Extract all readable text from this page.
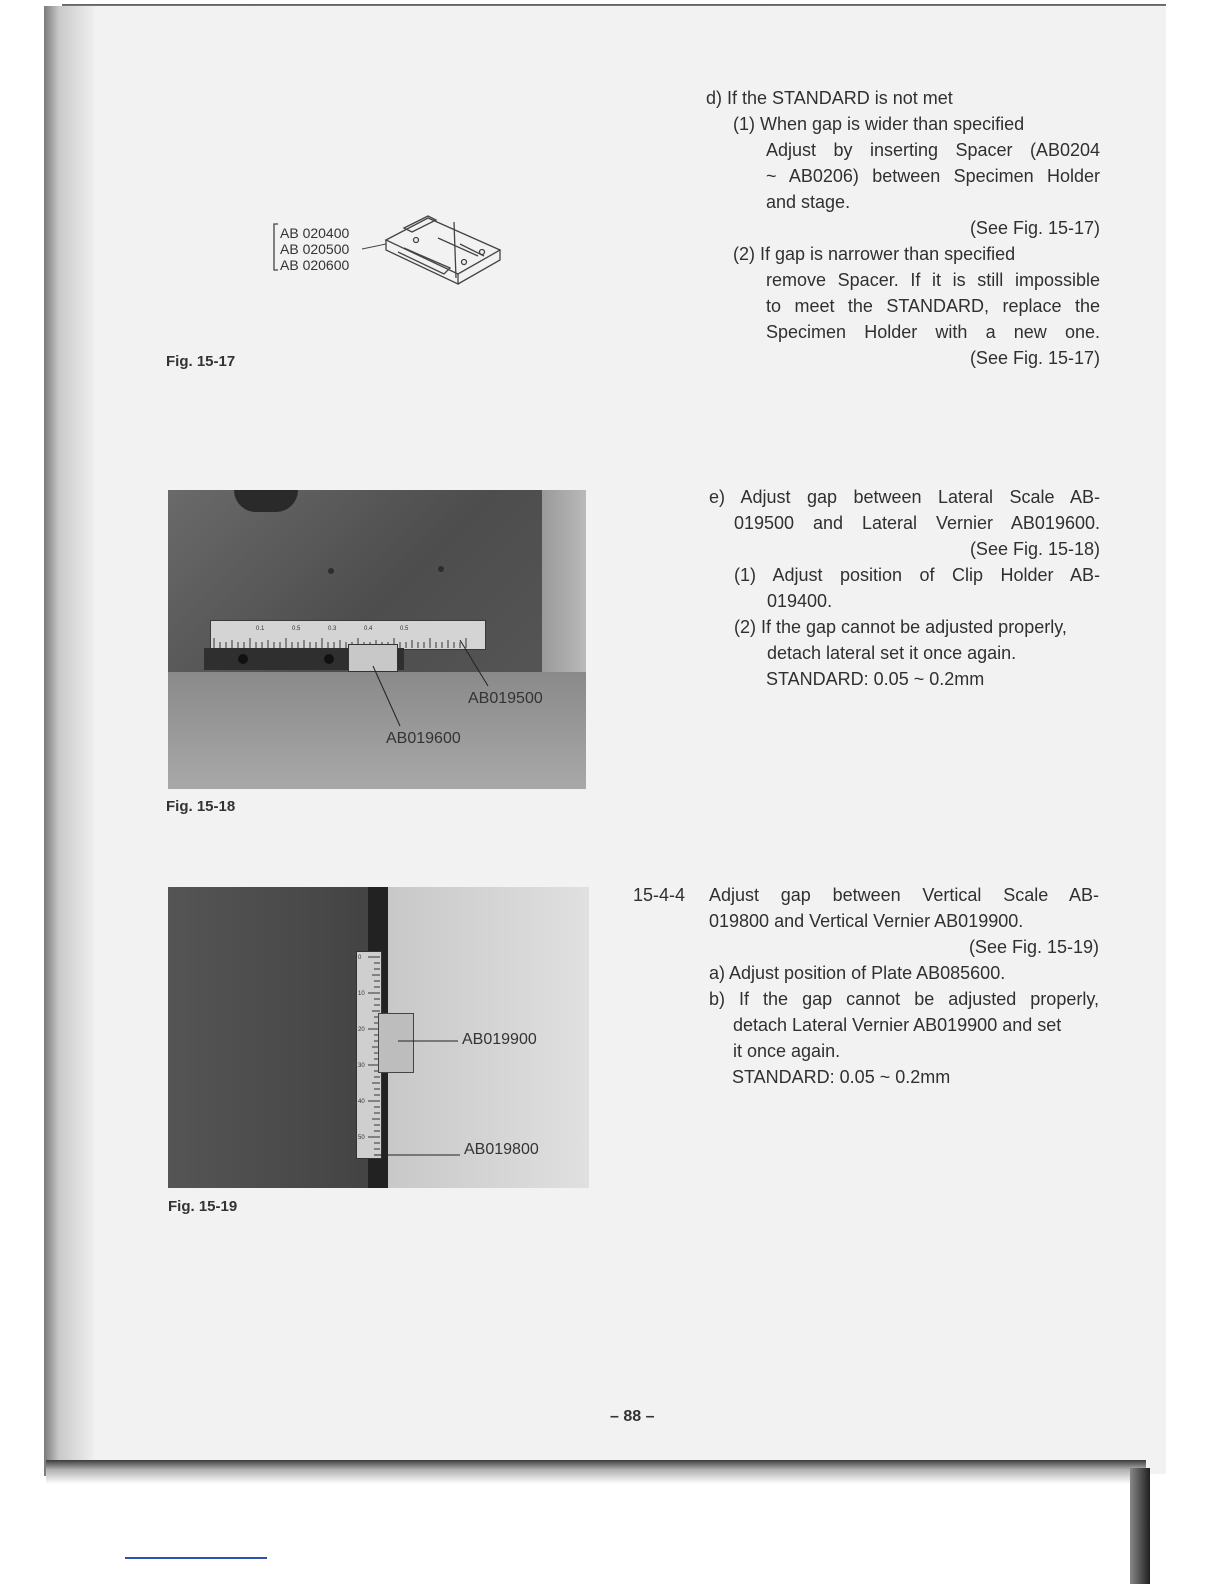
AB 020400
AB 020500
AB 020600
Fig. 15-17
0.1	0.5	0.3	0.4	0.5
AB019500
AB019600
Fig. 15-18
0
10
20
30
40
50
AB019900
AB019800
Fig. 15-19
d) If the STANDARD is not met
(1) When gap is wider than specified
Adjust by inserting Spacer (AB0204
~ AB0206) between Specimen Holder
and stage.
(See Fig. 15-17)
(2) If gap is narrower than specified
remove Spacer. If it is still impossible
to meet the STANDARD, replace the
Specimen Holder with a new one.
(See Fig. 15-17)
e) Adjust gap between Lateral Scale AB-
019500 and Lateral Vernier AB019600.
(See Fig. 15-18)
(1) Adjust position of Clip Holder AB-
019400.
(2) If the gap cannot be adjusted properly,
detach lateral set it once again.
STANDARD: 0.05 ~ 0.2mm
15-4-4 Adjust gap between Vertical Scale AB-
019800 and Vertical Vernier AB019900.
(See Fig. 15-19)
a) Adjust position of Plate AB085600.
b) If the gap cannot be adjusted properly,
detach Lateral Vernier AB019900 and set
it once again.
STANDARD: 0.05 ~ 0.2mm
– 88 –
